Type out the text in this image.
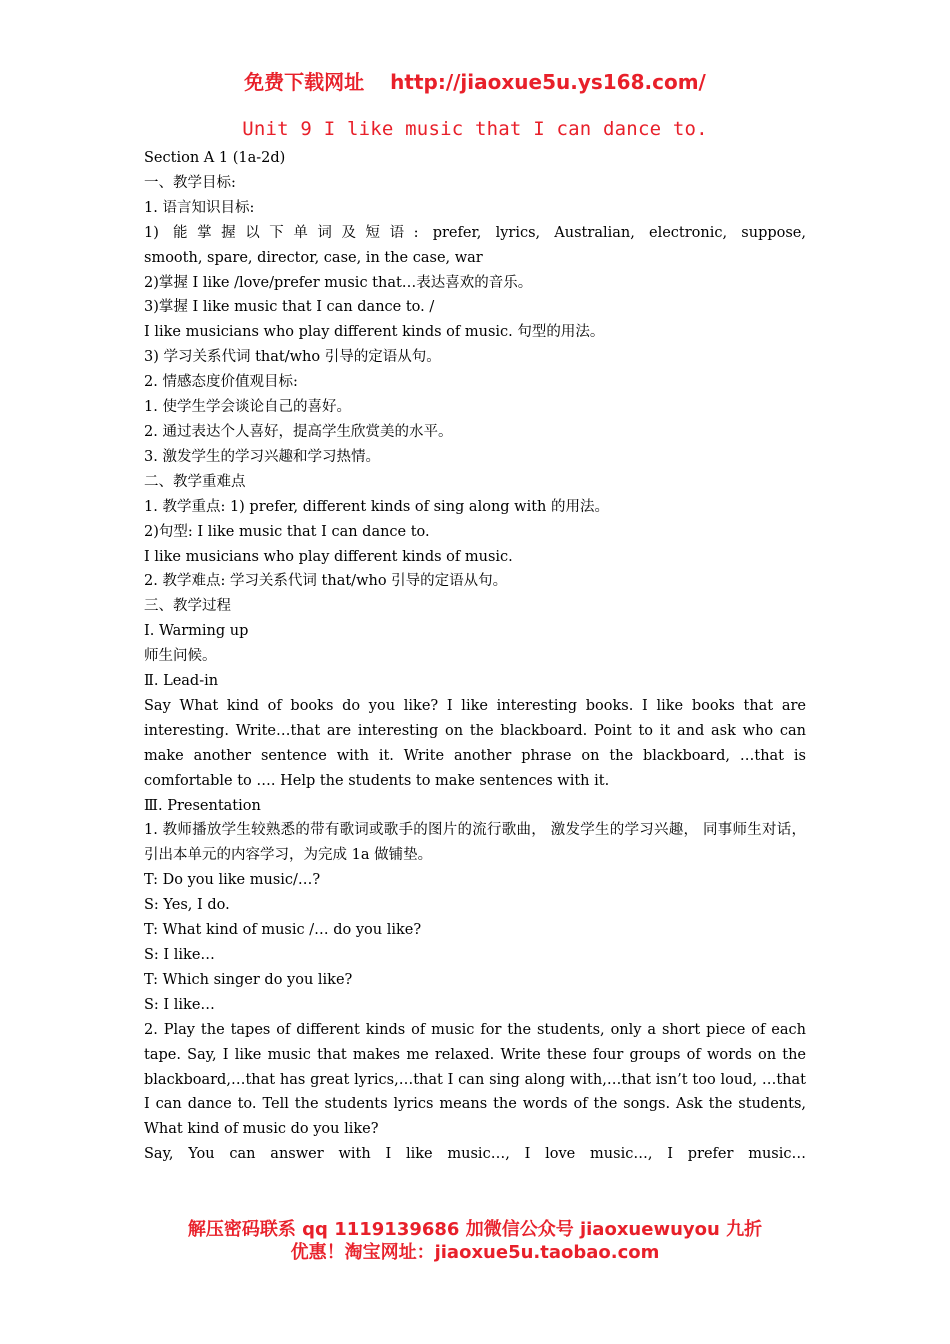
免费下载网址 http://jiaoxue5u.ys168.com/
Unit 9 I like music that I can dance to.

Section A 1 (1a-2d)

一、教学目标:

1. 语言知识目标:

1) 能掌握以下单词及短语: prefer, lyrics, Australian, electronic, suppose,

smooth, spare, director, case, in the case, war

2)掌握 I like /love/prefer music that…表达喜欢的音乐。

3)掌握 I like music that I can dance to. /

I like musicians who play different kinds of music. 句型的用法。

3) 学习关系代词 that/who 引导的定语从句。

2. 情感态度价值观目标:

1. 使学生学会谈论自己的喜好。

2. 通过表达个人喜好，提高学生欣赏美的水平。

3. 激发学生的学习兴趣和学习热情。

二、教学重难点

1. 教学重点: 1) prefer, different kinds of sing along with 的用法。

2)句型: I like music that I can dance to.

I like musicians who play different kinds of music.

2. 教学难点: 学习关系代词 that/who 引导的定语从句。

三、教学过程

Ⅰ. Warming up

师生问候。

Ⅱ. Lead-in

Say What kind of books do you like? I like interesting books. I like books that are interesting. Write…that are interesting on the blackboard. Point to it and ask who can make another sentence with it. Write another phrase on the blackboard, …that is comfortable to …. Help the students to make sentences with it.

Ⅲ. Presentation

1. 教师播放学生较熟悉的带有歌词或歌手的图片的流行歌曲， 激发学生的学习兴趣， 同事师生对话，引出本单元的内容学习，为完成 1a 做铺垫。

T: Do you like music/…?

S: Yes, I do.

T: What kind of music /… do you like?

S: I like…

T: Which singer do you like?

S: I like…

2. Play the tapes of different kinds of music for the students, only a short piece of each tape. Say, I like music that makes me relaxed. Write these four groups of words on the blackboard,…that has great lyrics,…that I can sing along with,…that isn’t too loud, …that I can dance to. Tell the students lyrics means the words of the songs. Ask the students, What kind of music do you like?

Say, You can answer with I like music…, I love music…, I prefer music…

解压密码联系 qq 1119139686 加微信公众号 jiaoxuewuyou 九折

优惠！淘宝网址：jiaoxue5u.taobao.com
